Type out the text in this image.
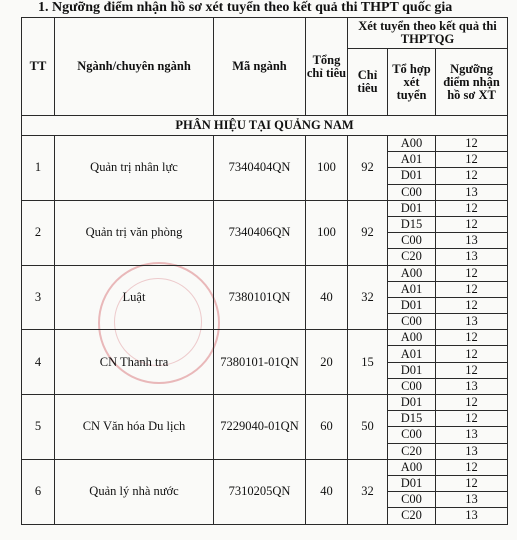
1. Ngưỡng điểm nhận hồ sơ xét tuyển theo kết quả thi THPT quốc gia
TT	Ngành/chuyên ngành	Mã ngành	Tổng chỉ tiêu	Xét tuyển theo kết quả thi THPTQG		
				Chỉ tiêu	Tổ hợp xét tuyển	Ngưỡng điểm nhận hồ sơ XT
PHÂN HIỆU TẠI QUẢNG NAM						
1	Quản trị nhân lực	7340404QN	100	92	A00	12
					A01	12
					D01	12
					C00	13
2	Quản trị văn phòng	7340406QN	100	92	D01	12
					D15	12
					C00	13
					C20	13
3	Luật	7380101QN	40	32	A00	12
					A01	12
					D01	12
					C00	13
4	CN Thanh tra	7380101-01QN	20	15	A00	12
					A01	12
					D01	12
					C00	13
5	CN Văn hóa Du lịch	7229040-01QN	60	50	D01	12
					D15	12
					C00	13
					C20	13
6	Quản lý nhà nước	7310205QN	40	32	A00	12
					D01	12
					C00	13
					C20	13
